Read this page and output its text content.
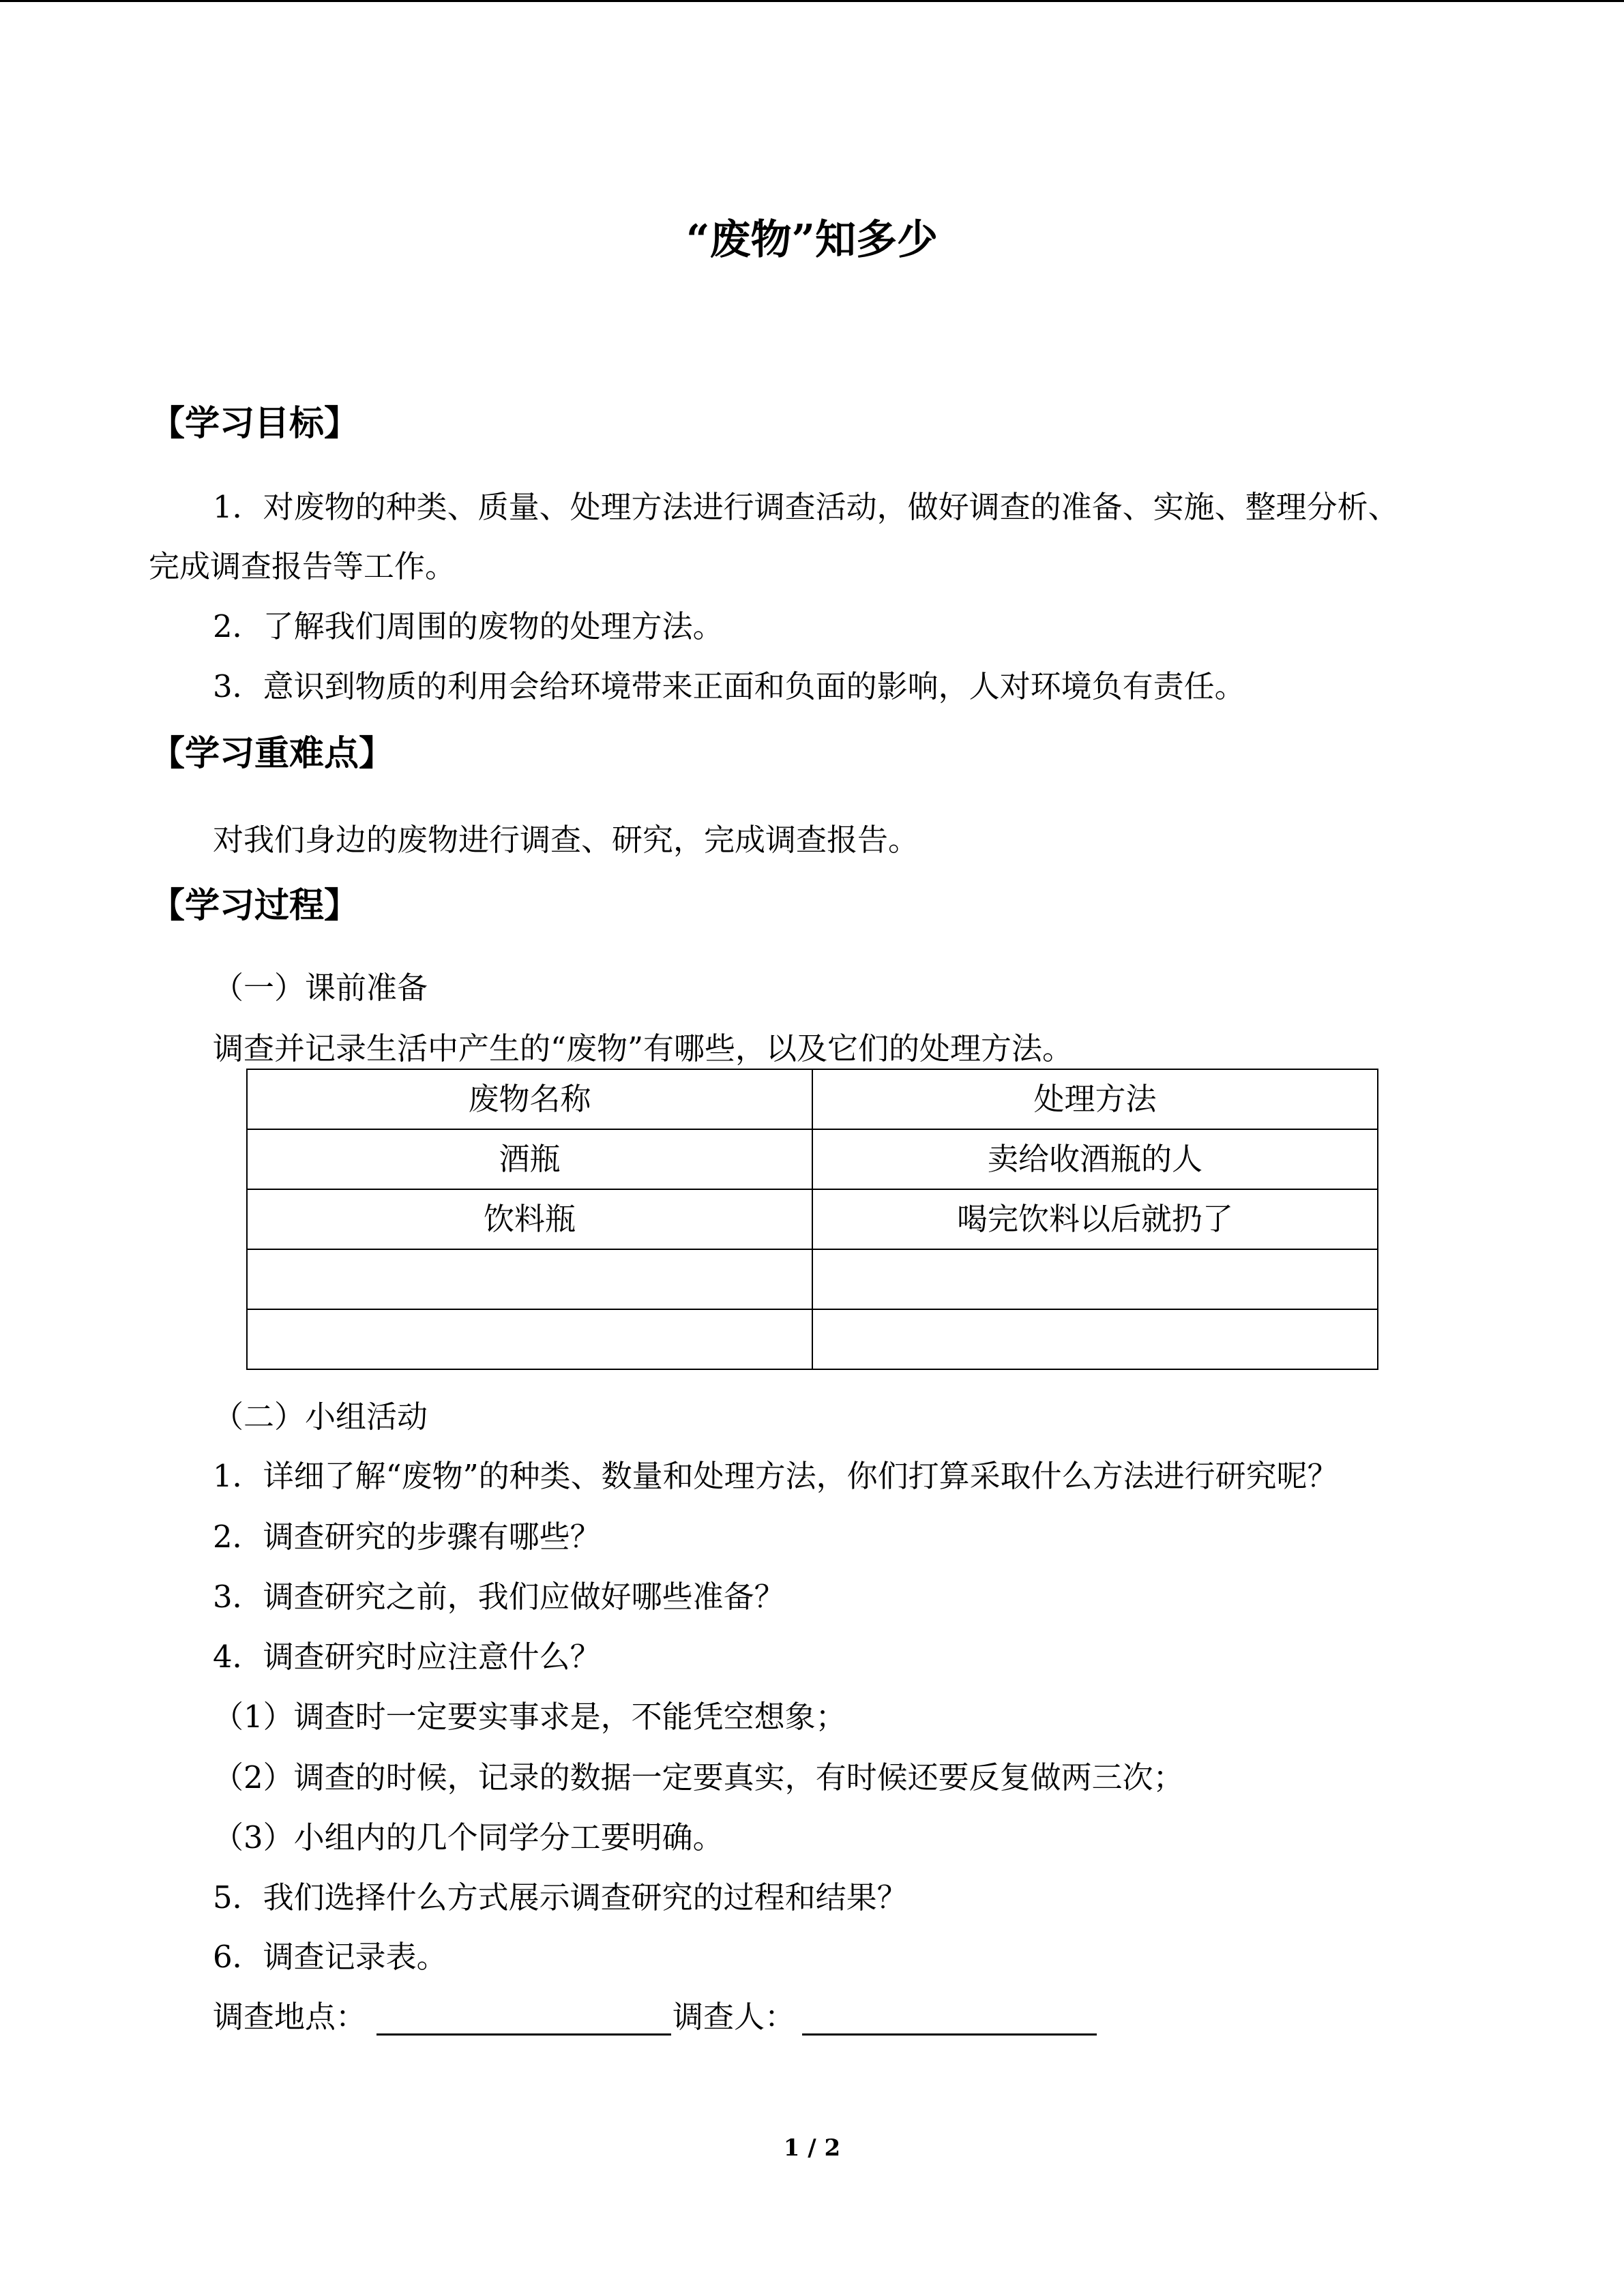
“废物”知多少
【学习目标】
1．对废物的种类、质量、处理方法进行调查活动，做好调查的准备、实施、整理分析、
完成调查报告等工作。
2．了解我们周围的废物的处理方法。
3．意识到物质的利用会给环境带来正面和负面的影响，人对环境负有责任。
【学习重难点】
对我们身边的废物进行调查、研究，完成调查报告。
【学习过程】
（一）课前准备
调查并记录生活中产生的“废物”有哪些，以及它们的处理方法。
废物名称	处理方法
酒瓶	卖给收酒瓶的人
饮料瓶	喝完饮料以后就扔了

（二）小组活动
1．详细了解“废物”的种类、数量和处理方法，你们打算采取什么方法进行研究呢？
2．调查研究的步骤有哪些？
3．调查研究之前，我们应做好哪些准备？
4．调查研究时应注意什么？
（1）调查时一定要实事求是，不能凭空想象；
（2）调查的时候，记录的数据一定要真实，有时候还要反复做两三次；
（3）小组内的几个同学分工要明确。
5．我们选择什么方式展示调查研究的过程和结果？
6．调查记录表。
调查地点：	调查人：
1 / 2
